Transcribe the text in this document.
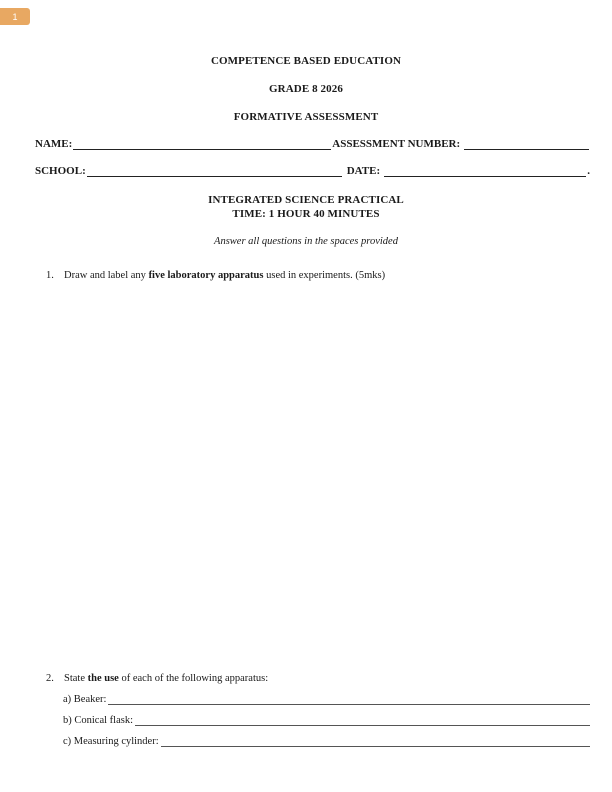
1
COMPETENCE BASED EDUCATION
GRADE 8 2026
FORMATIVE ASSESSMENT
NAME:	ASSESSMENT NUMBER:
SCHOOL:	DATE:	.
INTEGRATED SCIENCE PRACTICAL
TIME: 1 HOUR 40 MINUTES
Answer all questions in the spaces provided
1. Draw and label any five laboratory apparatus used in experiments. (5mks)
2. State the use of each of the following apparatus:
a) Beaker:
b) Conical flask:
c) Measuring cylinder:
